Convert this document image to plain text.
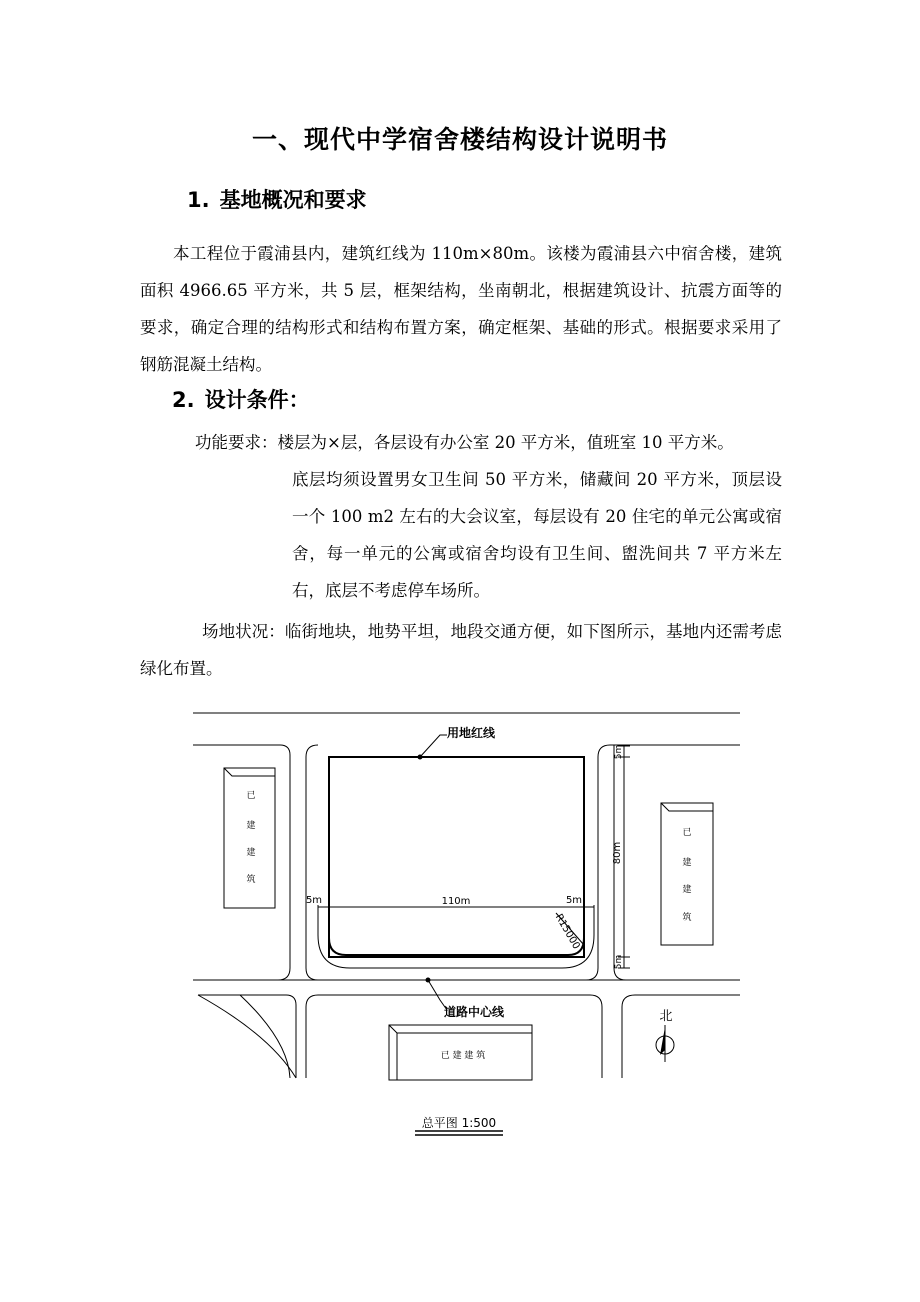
一、现代中学宿舍楼结构设计说明书
1. 基地概况和要求
本工程位于霞浦县内，建筑红线为 110m×80m。该楼为霞浦县六中宿舍楼，建筑面积 4966.65 平方米，共 5 层，框架结构，坐南朝北，根据建筑设计、抗震方面等的要求，确定合理的结构形式和结构布置方案，确定框架、基础的形式。根据要求采用了钢筋混凝土结构。
2. 设计条件：
功能要求：楼层为×层，各层设有办公室 20 平方米，值班室 10 平方米。
底层均须设置男女卫生间 50 平方米，储藏间 20 平方米，顶层设一个 100 m2 左右的大会议室，每层设有 20 住宅的单元公寓或宿舍，每一单元的公寓或宿舍均设有卫生间、盥洗间共 7 平方米左右，底层不考虑停车场所。
场地状况：临街地块，地势平坦，地段交通方便，如下图所示，基地内还需考虑绿化布置。
北
用地红线
道路中心线
110m
5m	5m
80m
5m
5m
R15000
已
建
建
筑
已
建
建
筑
已 建 建 筑
总平图 1:500
